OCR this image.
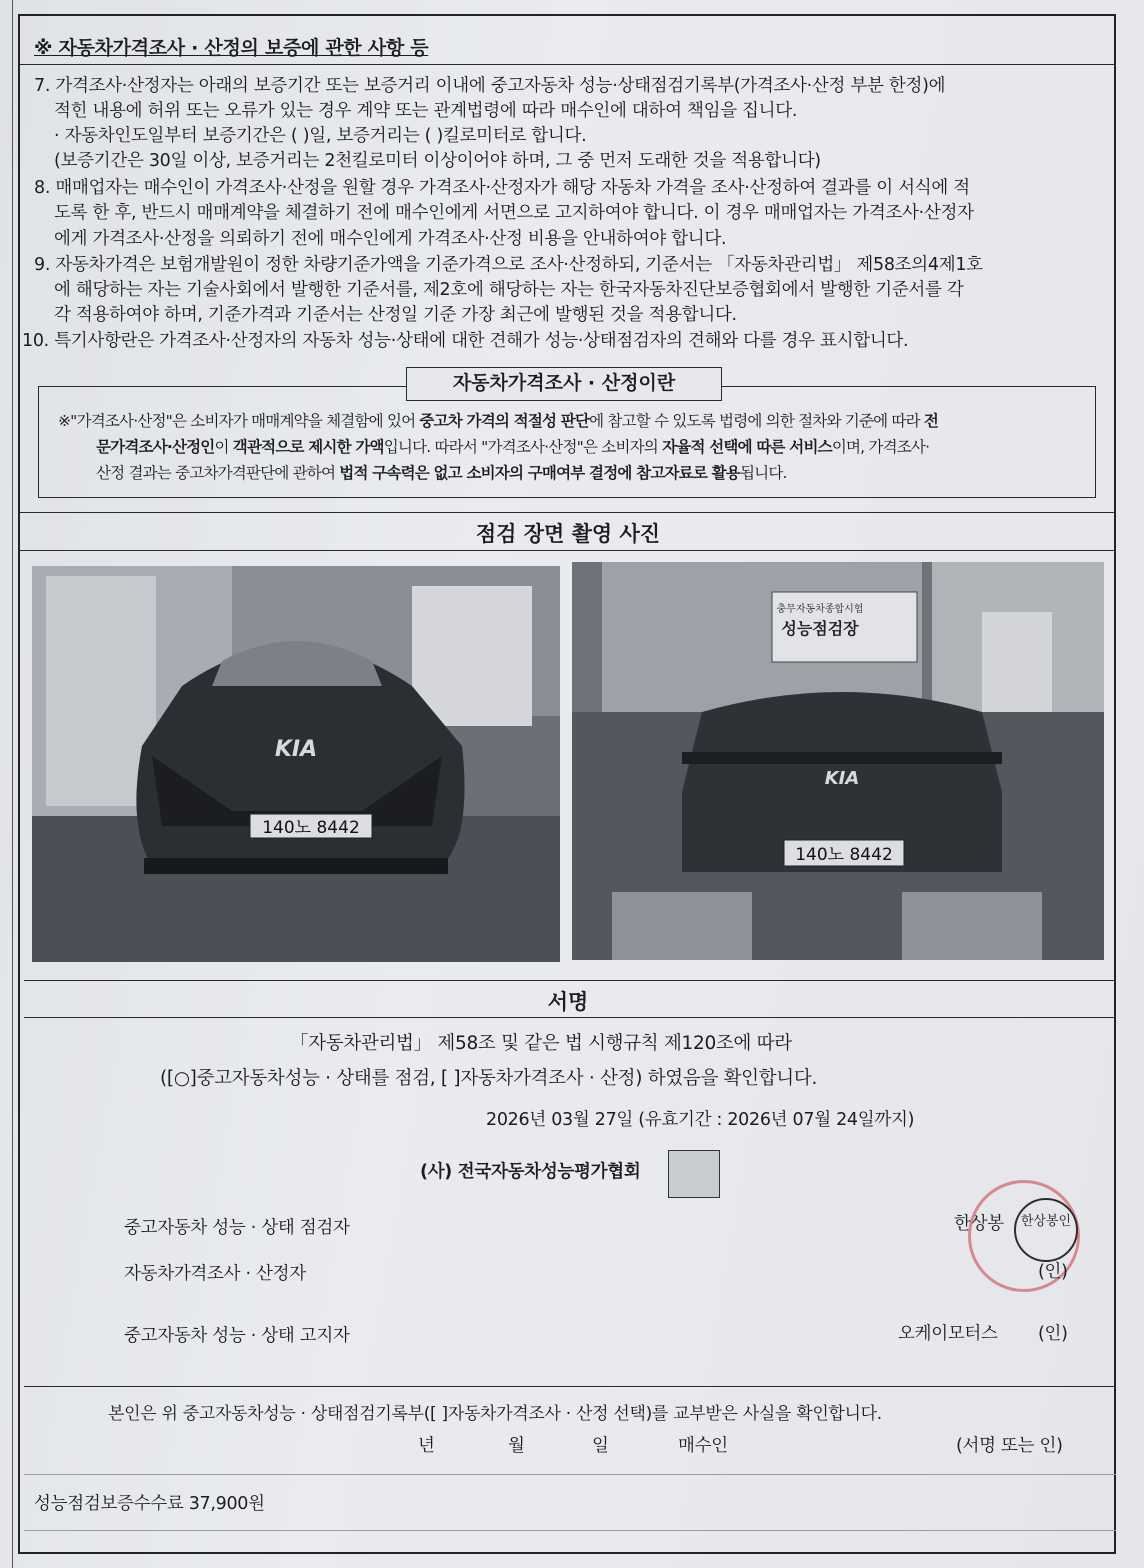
※ 자동차가격조사 · 산정의 보증에 관한 사항 등
7. 가격조사·산정자는 아래의 보증기간 또는 보증거리 이내에 중고자동차 성능·상태점검기록부(가격조사·산정 부분 한정)에
적힌 내용에 허위 또는 오류가 있는 경우 계약 또는 관계법령에 따라 매수인에 대하여 책임을 집니다.
· 자동차인도일부터 보증기간은 ( )일, 보증거리는 ( )킬로미터로 합니다.
(보증기간은 30일 이상, 보증거리는 2천킬로미터 이상이어야 하며, 그 중 먼저 도래한 것을 적용합니다)
8. 매매업자는 매수인이 가격조사·산정을 원할 경우 가격조사·산정자가 해당 자동차 가격을 조사·산정하여 결과를 이 서식에 적
도록 한 후, 반드시 매매계약을 체결하기 전에 매수인에게 서면으로 고지하여야 합니다. 이 경우 매매업자는 가격조사·산정자
에게 가격조사·산정을 의뢰하기 전에 매수인에게 가격조사·산정 비용을 안내하여야 합니다.
9. 자동차가격은 보험개발원이 정한 차량기준가액을 기준가격으로 조사·산정하되, 기준서는 「자동차관리법」 제58조의4제1호
에 해당하는 자는 기술사회에서 발행한 기준서를, 제2호에 해당하는 자는 한국자동차진단보증협회에서 발행한 기준서를 각
각 적용하여야 하며, 기준가격과 기준서는 산정일 기준 가장 최근에 발행된 것을 적용합니다.
10. 특기사항란은 가격조사·산정자의 자동차 성능·상태에 대한 견해가 성능·상태점검자의 견해와 다를 경우 표시합니다.
자동차가격조사 · 산정이란
※"가격조사·산정"은 소비자가 매매계약을 체결함에 있어 중고차 가격의 적절성 판단에 참고할 수 있도록 법령에 의한 절차와 기준에 따라 전
문가격조사·산정인이 객관적으로 제시한 가액입니다. 따라서 "가격조사·산정"은 소비자의 자율적 선택에 따른 서비스이며, 가격조사·
산정 결과는 중고차가격판단에 관하여 법적 구속력은 없고 소비자의 구매여부 결정에 참고자료로 활용됩니다.
점검 장면 촬영 사진
KIA
140노 8442
충무자동차종합시험
성능점검장
KIA
140노 8442
서명
「자동차관리법」 제58조 및 같은 법 시행규칙 제120조에 따라
([○]중고자동차성능 · 상태를 점검, [ ]자동차가격조사 · 산정) 하였음을 확인합니다.
2026년 03월 27일 (유효기간 : 2026년 07월 24일까지)
(사) 전국자동차성능평가협회
중고자동차 성능 · 상태 점검자	한상봉	한상봉인
자동차가격조사 · 산정자	(인)
중고자동차 성능 · 상태 고지자	오케이모터스 (인)
본인은 위 중고자동차성능 · 상태점검기록부([ ]자동차가격조사 · 산정 선택)를 교부받은 사실을 확인합니다.
년	월	일	매수인	(서명 또는 인)
성능점검보증수수료 37,900원
